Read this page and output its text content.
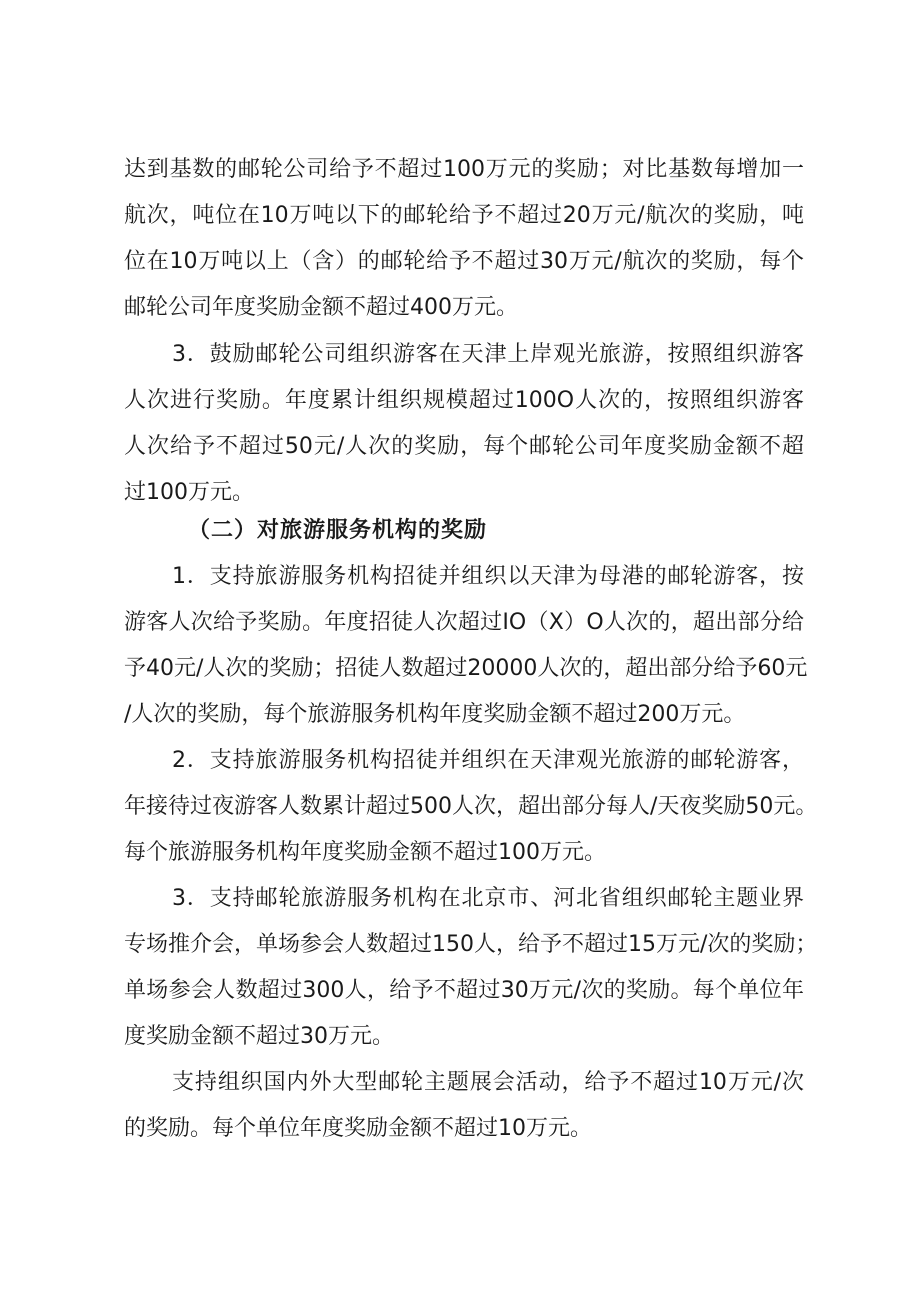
达到基数的邮轮公司给予不超过100万元的奖励；对比基数每增加一
航次，吨位在10万吨以下的邮轮给予不超过20万元/航次的奖励，吨
位在10万吨以上（含）的邮轮给予不超过30万元/航次的奖励，每个
邮轮公司年度奖励金额不超过400万元。
3．鼓励邮轮公司组织游客在天津上岸观光旅游，按照组织游客
人次进行奖励。年度累计组织规模超过100O人次的，按照组织游客
人次给予不超过50元/人次的奖励，每个邮轮公司年度奖励金额不超
过100万元。
（二）对旅游服务机构的奖励
1．支持旅游服务机构招徒并组织以天津为母港的邮轮游客，按
游客人次给予奖励。年度招徒人次超过IO（X）O人次的，超出部分给
予40元/人次的奖励；招徒人数超过20000人次的，超出部分给予60元
/人次的奖励，每个旅游服务机构年度奖励金额不超过200万元。
2．支持旅游服务机构招徒并组织在天津观光旅游的邮轮游客，
年接待过夜游客人数累计超过500人次，超出部分每人/天夜奖励50元。
每个旅游服务机构年度奖励金额不超过100万元。
3．支持邮轮旅游服务机构在北京市、河北省组织邮轮主题业界
专场推介会，单场参会人数超过150人，给予不超过15万元/次的奖励；
单场参会人数超过300人，给予不超过30万元/次的奖励。每个单位年
度奖励金额不超过30万元。
支持组织国内外大型邮轮主题展会活动，给予不超过10万元/次
的奖励。每个单位年度奖励金额不超过10万元。
